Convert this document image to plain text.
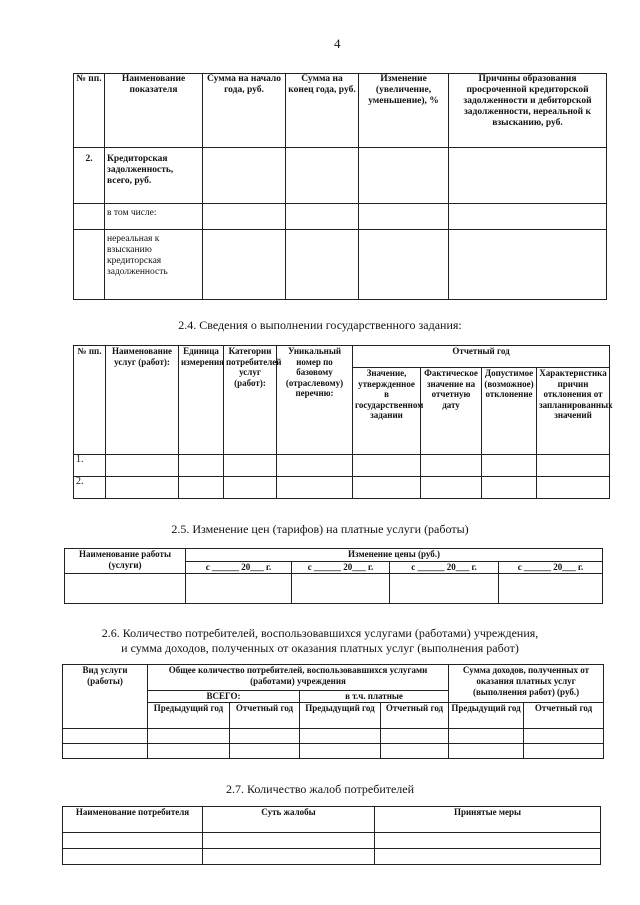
4
№ пп.	Наименование показателя	Сумма на начало года, руб.	Сумма на конец года, руб.	Изменение (увеличение, уменьшение), %	Причины образования просроченной кредиторской задолженности и дебиторской задолженности, нереальной к взысканию, руб.
2.	Кредиторская задолженность, всего, руб.				
	в том числе:				
	нереальная к взысканию кредиторская задолженность				
2.4. Сведения о выполнении государственного задания:
№ пп.	Наименование услуг (работ):	Единица измерения	Категории потребителей услуг (работ):	Уникальный номер по базовому (отраслевому) перечню:	Отчетный год			
					Значение, утвержденное в государственном задании	Фактическое значение на отчетную дату	Допустимое (возможное) отклонение	Характеристика причин отклонения от запланированных значений
1.								
2.								
2.5. Изменение цен (тарифов) на платные услуги (работы)
Наименование работы (услуги)	Изменение цены (руб.)			
	с ______ 20___ г.	с ______ 20___ г.	с ______ 20___ г.	с ______ 20___ г.

2.6. Количество потребителей, воспользовавшихся услугами (работами) учреждения,
и сумма доходов, полученных от оказания платных услуг (выполнения работ)
Вид услуги (работы)	Общее количество потребителей, воспользовавшихся услугами (работами) учреждения				Сумма доходов, полученных от оказания платных услуг (выполнения работ) (руб.)	
	ВСЕГО:		в т.ч. платные			
	Предыдущий год	Отчетный год	Предыдущий год	Отчетный год	Предыдущий год	Отчетный год

2.7. Количество жалоб потребителей
Наименование потребителя	Суть жалобы	Принятые меры
